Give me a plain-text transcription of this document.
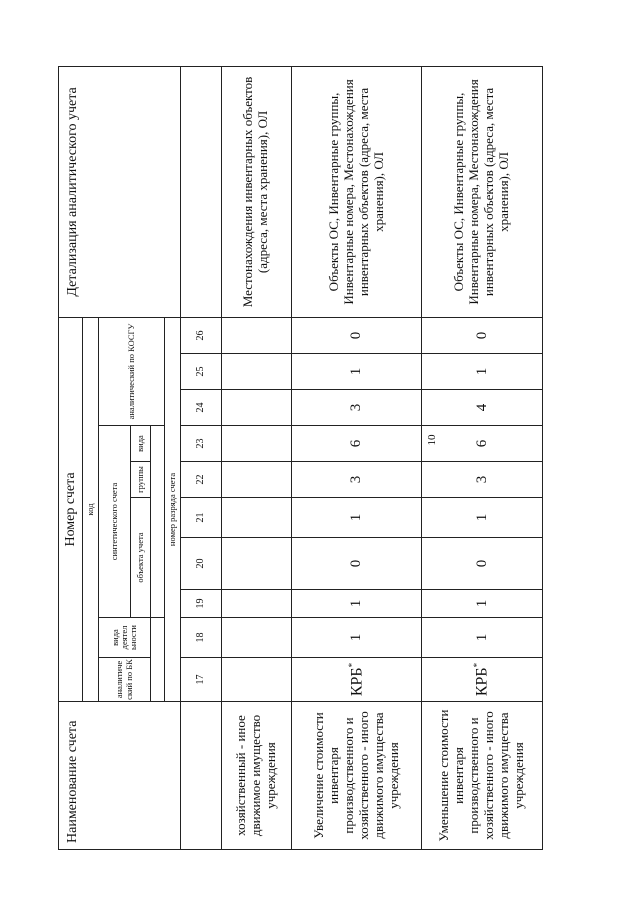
10
Наименование счета	Номер счета										Детализация аналитического учета
	код										
	аналитиче ский по БК	вида деятел ьности	синтетического счета					аналитический по КОСГУ			
			объекта учета			группы	вида				

	номер разряда счета										
	17	18	19	20	21	22	23	24	25	26	
хозяйственный - иное движимое имущество учреждения											Местонахождения инвентарных объектов (адреса, места хранения), ОЛ
Увеличение стоимости инвентаря производственного и хозяйственного - иного движимого имущества учреждения	КРБ*	1	1	0	1	3	6	3	1	0	Объекты ОС, Инвентарные группы, Инвентарные номера, Местонахождения инвентарных объектов (адреса, места хранения), ОЛ
Уменьшение стоимости инвентаря производственного и хозяйственного - иного движимого имущества учреждения	КРБ*	1	1	0	1	3	6	4	1	0	Объекты ОС, Инвентарные группы, Инвентарные номера, Местонахождения инвентарных объектов (адреса, места хранения), ОЛ
